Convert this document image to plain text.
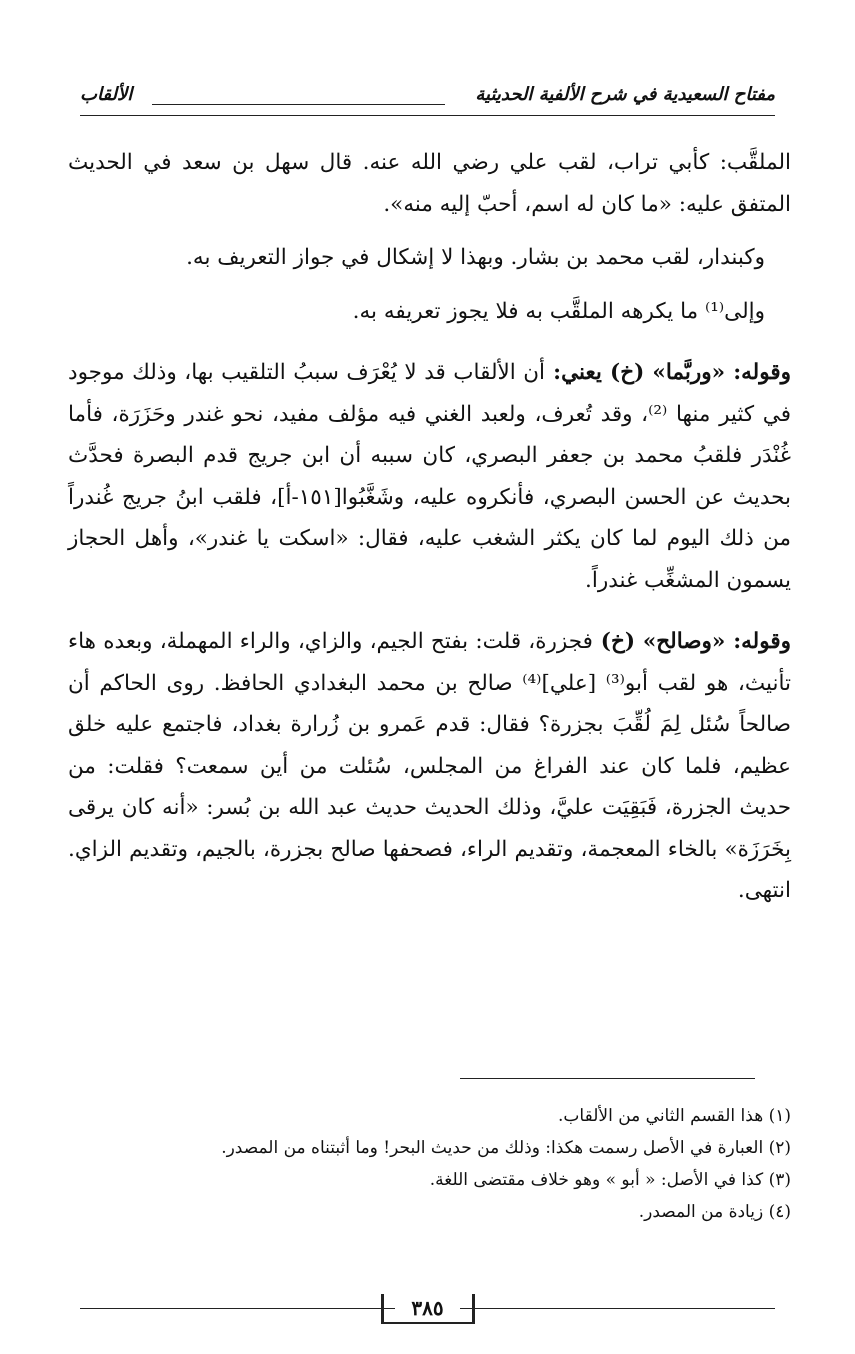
مفتاح السعيدية في شرح الألفية الحديثية
الألقاب

الملقَّب: كأبي تراب، لقب علي رضي الله عنه. قال سهل بن سعد في الحديث المتفق عليه: «ما كان له اسم، أحبّ إليه منه».

وكبندار، لقب محمد بن بشار. وبهذا لا إشكال في جواز التعريف به.

وإلى⁽¹⁾ ما يكرهه الملقَّب به فلا يجوز تعريفه به.

وقوله: «وربَّما» (خ) يعني: أن الألقاب قد لا يُعْرَف سببُ التلقيب بها، وذلك موجود في كثير منها ⁽²⁾، وقد تُعرف، ولعبد الغني فيه مؤلف مفيد، نحو غندر وحَزَرَة، فأما غُنْدَر فلقبُ محمد بن جعفر البصري، كان سببه أن ابن جريج قدم البصرة فحدَّث بحديث عن الحسن البصري، فأنكروه عليه، وشَغَّبُوا[١٥١-أ]، فلقب ابنُ جريج غُندراً من ذلك اليوم لما كان يكثر الشغب عليه، فقال: «اسكت يا غندر»، وأهل الحجاز يسمون المشغِّب غندراً.

وقوله: «وصالح» (خ) فجزرة، قلت: بفتح الجيم، والزاي، والراء المهملة، وبعده هاء تأنيث، هو لقب أبو⁽³⁾ [علي]⁽⁴⁾ صالح بن محمد البغدادي الحافظ. روى الحاكم أن صالحاً سُئل لِمَ لُقِّبَ بجزرة؟ فقال: قدم عَمرو بن زُرارة بغداد، فاجتمع عليه خلق عظيم، فلما كان عند الفراغ من المجلس، سُئلت من أين سمعت؟ فقلت: من حديث الجزرة، فَبَقِيَت عليَّ، وذلك الحديث حديث عبد الله بن بُسر: «أنه كان يرقى بِخَرَزَة» بالخاء المعجمة، وتقديم الراء، فصحفها صالح بجزرة، بالجيم، وتقديم الزاي. انتهى.

(١) هذا القسم الثاني من الألقاب.
(٢) العبارة في الأصل رسمت هكذا: وذلك من حديث البحر! وما أثبتناه من المصدر.
(٣) كذا في الأصل: « أبو » وهو خلاف مقتضى اللغة.
(٤) زيادة من المصدر.
٣٨٥
